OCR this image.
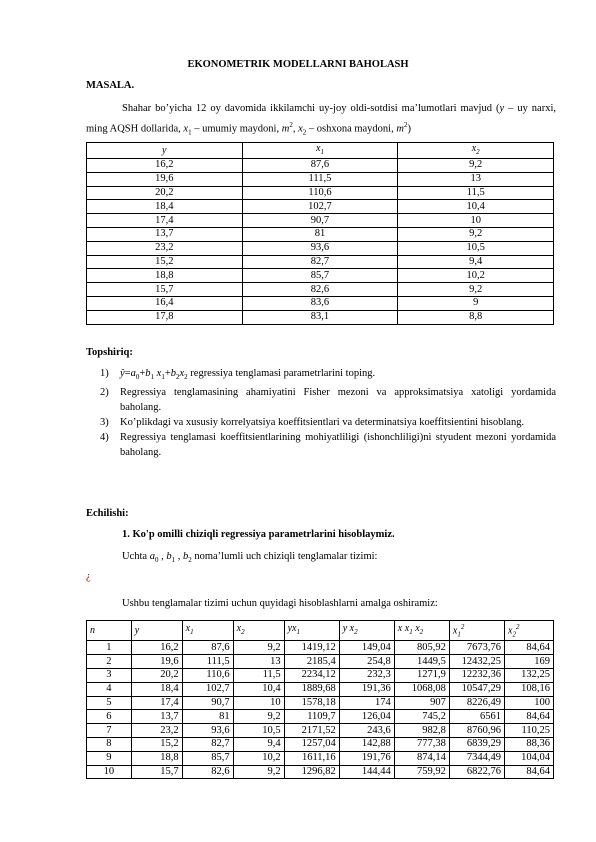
EKONOMETRIK MODELLARNI BAHOLASH
MASALA.
Shahar bo’yicha 12 oy davomida ikkilamchi uy-joy oldi-sotdisi ma’lumotlari mavjud (y – uy narxi, ming AQSH dollarida, $x_1$ – umumiy maydoni, $m^2$, $x_2$ – oshxona maydoni, $m^2$)
y	$x_1$	$x_2$
16,2	87,6	9,2
19,6	111,5	13
20,2	110,6	11,5
18,4	102,7	10,4
17,4	90,7	10
13,7	81	9,2
23,2	93,6	10,5
15,2	82,7	9,4
18,8	85,7	10,2
15,7	82,6	9,2
16,4	83,6	9
17,8	83,1	8,8
Topshiriq:
1) $ŷ=a_0+b_1$ $x_1+b_2x_2$ regressiya tenglamasi parametrlarini toping.
2) Regressiya tenglamasining ahamiyatini Fisher mezoni va approksimatsiya xatoligi yordamida baholang.
3) Ko’plikdagi va xususiy korrelyatsiya koeffitsientlari va determinatsiya koeffitsientini hisoblang.
4) Regressiya tenglamasi koeffitsientlarining mohiyatliligi (ishonchliligi)ni styudent mezoni yordamida baholang.
Echilishi:
1. Ko'p omilli chiziqli regressiya parametrlarini hisoblaymiz.
Uchta $a_0$ , $b_1$ , $b_2$ noma’lumli uch chiziqli tenglamalar tizimi:
¿
Ushbu tenglamalar tizimi uchun quyidagi hisoblashlarni amalga oshiramiz:
n	y	$x_1$	$x_2$	$yx_1$	y $x_2$	x $x_1$ $x_2$	$x_1^2$	$x_2^2$
1	16,2	87,6	9,2	1419,12	149,04	805,92	7673,76	84,64
2	19,6	111,5	13	2185,4	254,8	1449,5	12432,25	169
3	20,2	110,6	11,5	2234,12	232,3	1271,9	12232,36	132,25
4	18,4	102,7	10,4	1889,68	191,36	1068,08	10547,29	108,16
5	17,4	90,7	10	1578,18	174	907	8226,49	100
6	13,7	81	9,2	1109,7	126,04	745,2	6561	84,64
7	23,2	93,6	10,5	2171,52	243,6	982,8	8760,96	110,25
8	15,2	82,7	9,4	1257,04	142,88	777,38	6839,29	88,36
9	18,8	85,7	10,2	1611,16	191,76	874,14	7344,49	104,04
10	15,7	82,6	9,2	1296,82	144,44	759,92	6822,76	84,64
